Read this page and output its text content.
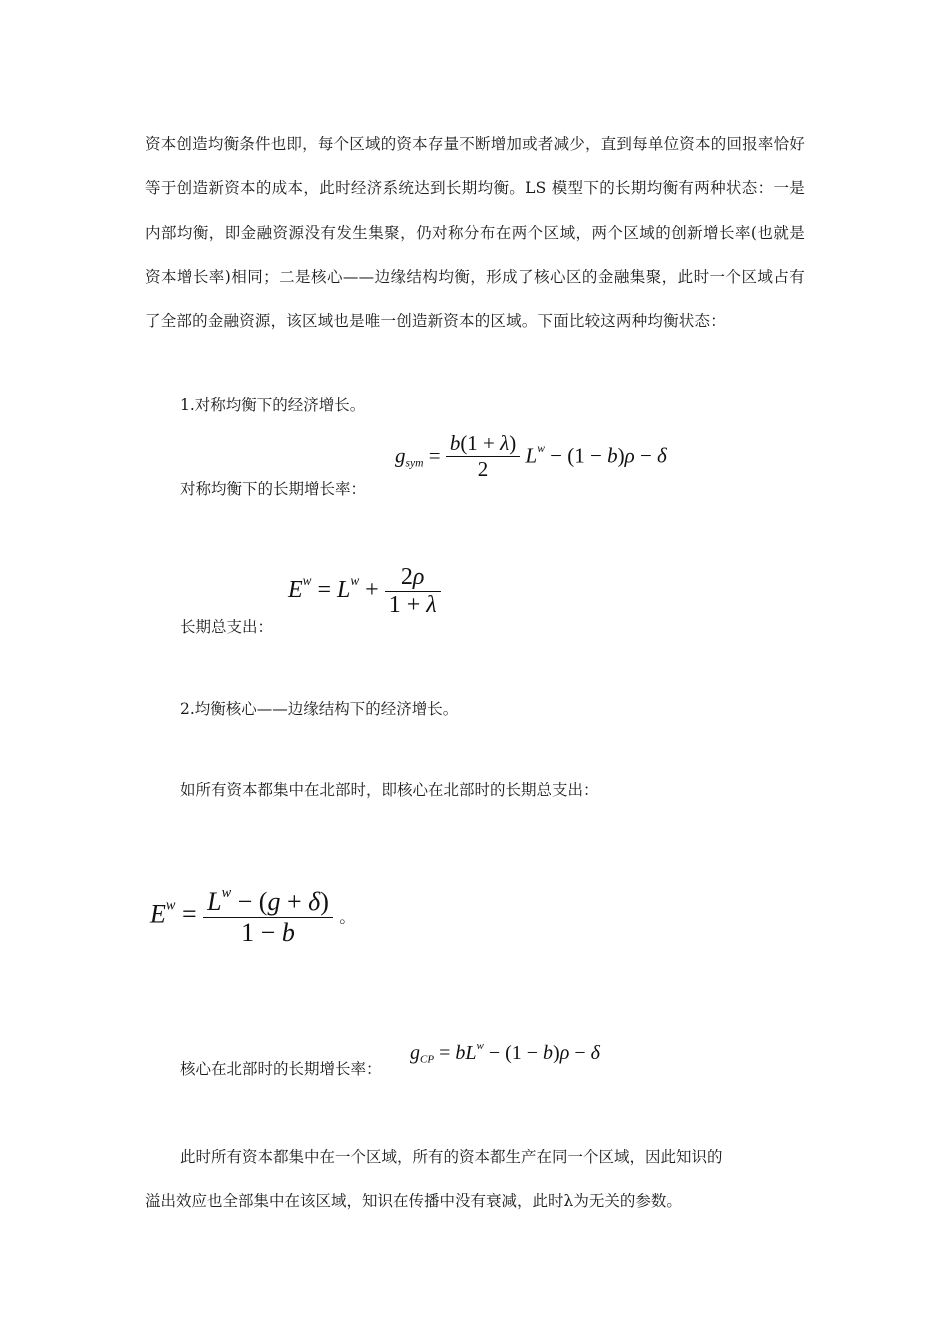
资本创造均衡条件也即，每个区域的资本存量不断增加或者减少，直到每单位资本的回报率恰好等于创造新资本的成本，此时经济系统达到长期均衡。LS 模型下的长期均衡有两种状态：一是内部均衡，即金融资源没有发生集聚，仍对称分布在两个区域，两个区域的创新增长率(也就是资本增长率)相同；二是核心——边缘结构均衡，形成了核心区的金融集聚，此时一个区域占有了全部的金融资源，该区域也是唯一创造新资本的区域。下面比较这两种均衡状态：

1.对称均衡下的经济增长。
$g_{sym} = \frac{b(1 + \lambda)}{2} L^w - (1 - b)\rho - \delta$
对称均衡下的长期增长率：
$E^w = L^w + \frac{2\rho}{1 + \lambda}$
长期总支出：
2.均衡核心——边缘结构下的经济增长。
如所有资本都集中在北部时，即核心在北部时的长期总支出：
$E^w = \frac{L^w - (g + \delta)}{1 - b}$ 。
$g_{CP} = bL^w - (1 - b)\rho - \delta$
核心在北部时的长期增长率：
此时所有资本都集中在一个区域，所有的资本都生产在同一个区域，因此知识的
溢出效应也全部集中在该区域，知识在传播中没有衰减，此时λ为无关的参数。
